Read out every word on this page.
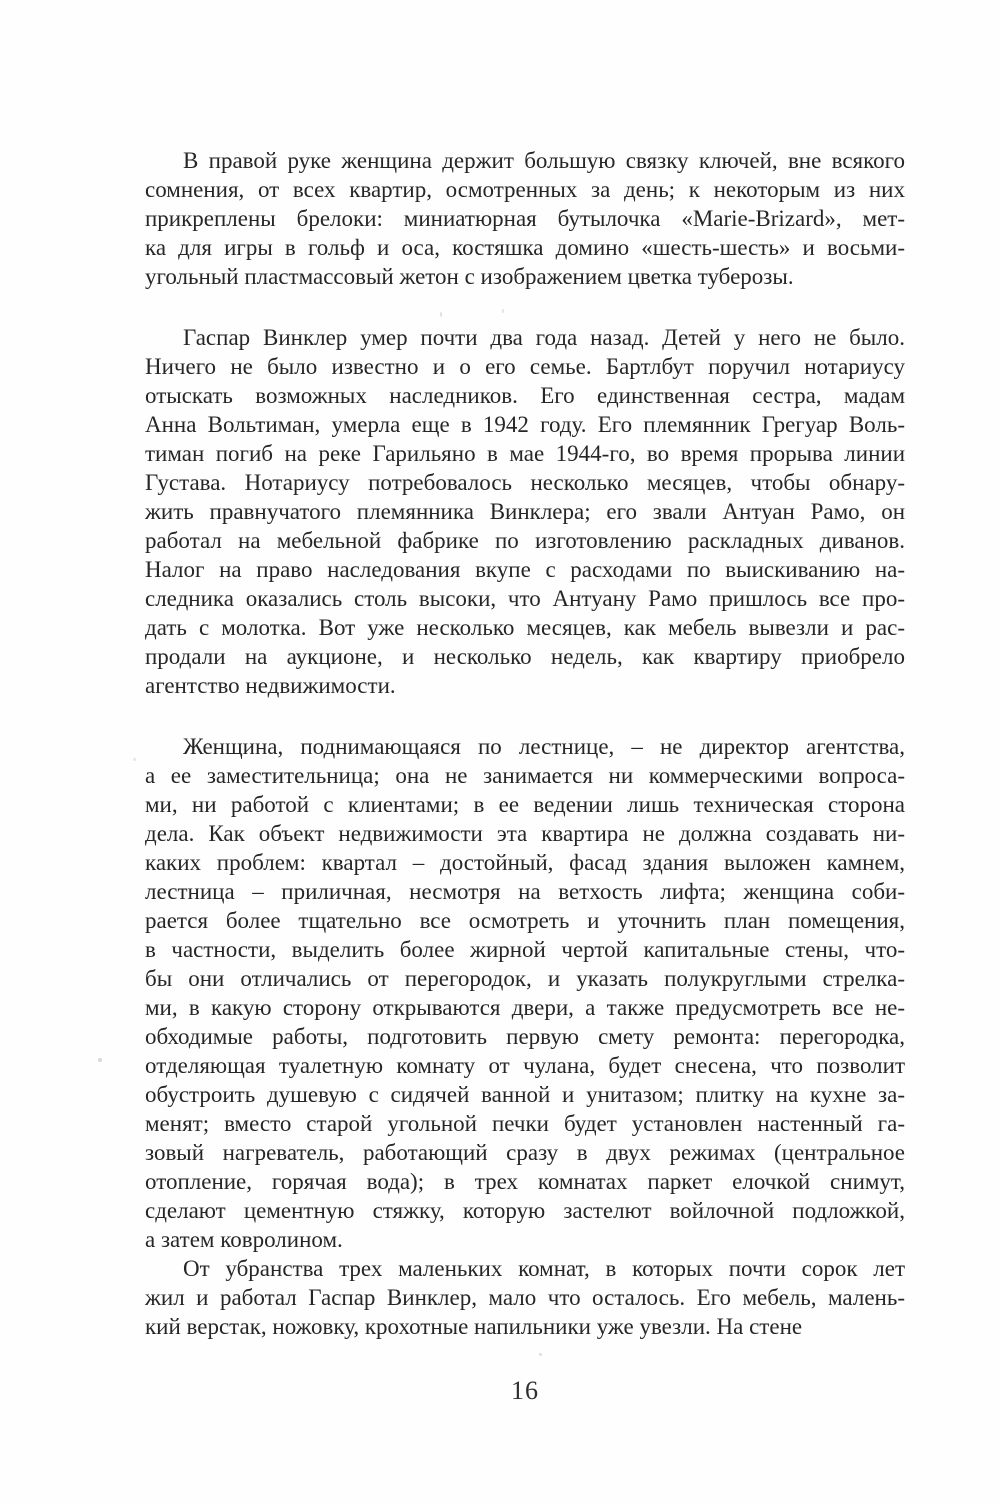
В правой руке женщина держит большую связку ключей, вне всякого
сомнения, от всех квартир, осмотренных за день; к некоторым из них
прикреплены брелоки: миниатюрная бутылочка «Marie-Brizard», мет-
ка для игры в гольф и оса, костяшка домино «шесть-шесть» и восьми-
угольный пластмассовый жетон с изображением цветка туберозы.

Гаспар Винклер умер почти два года назад. Детей у него не было.
Ничего не было известно и о его семье. Бартлбут поручил нотариусу
отыскать возможных наследников. Его единственная сестра, мадам
Анна Вольтиман, умерла еще в 1942 году. Его племянник Грегуар Воль-
тиман погиб на реке Гарильяно в мае 1944-го, во время прорыва линии
Густава. Нотариусу потребовалось несколько месяцев, чтобы обнару-
жить правнучатого племянника Винклера; его звали Антуан Рамо, он
работал на мебельной фабрике по изготовлению раскладных диванов.
Налог на право наследования вкупе с расходами по выискиванию на-
следника оказались столь высоки, что Антуану Рамо пришлось все про-
дать с молотка. Вот уже несколько месяцев, как мебель вывезли и рас-
продали на аукционе, и несколько недель, как квартиру приобрело
агентство недвижимости.

Женщина, поднимающаяся по лестнице, – не директор агентства,
а ее заместительница; она не занимается ни коммерческими вопроса-
ми, ни работой с клиентами; в ее ведении лишь техническая сторона
дела. Как объект недвижимости эта квартира не должна создавать ни-
каких проблем: квартал – достойный, фасад здания выложен камнем,
лестница – приличная, несмотря на ветхость лифта; женщина соби-
рается более тщательно все осмотреть и уточнить план помещения,
в частности, выделить более жирной чертой капитальные стены, что-
бы они отличались от перегородок, и указать полукруглыми стрелка-
ми, в какую сторону открываются двери, а также предусмотреть все не-
обходимые работы, подготовить первую смету ремонта: перегородка,
отделяющая туалетную комнату от чулана, будет снесена, что позволит
обустроить душевую с сидячей ванной и унитазом; плитку на кухне за-
менят; вместо старой угольной печки будет установлен настенный га-
зовый нагреватель, работающий сразу в двух режимах (центральное
отопление, горячая вода); в трех комнатах паркет елочкой снимут,
сделают цементную стяжку, которую застелют войлочной подложкой,
а затем ковролином.

От убранства трех маленьких комнат, в которых почти сорок лет
жил и работал Гаспар Винклер, мало что осталось. Его мебель, малень-
кий верстак, ножовку, крохотные напильники уже увезли. На стене

16
